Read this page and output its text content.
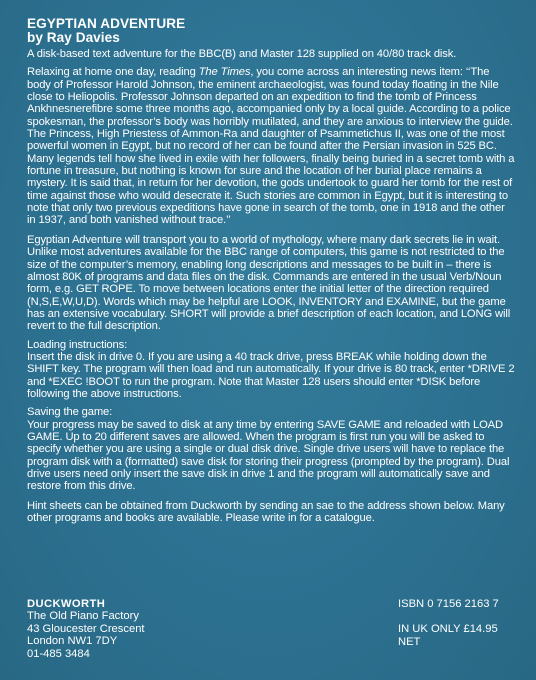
EGYPTIAN ADVENTURE
by Ray Davies

A disk-based text adventure for the BBC(B) and Master 128 supplied on 40/80 track disk.

Relaxing at home one day, reading The Times, you come across an interesting news item: ‘‘The body of Professor Harold Johnson, the eminent archaeologist, was found today floating in the Nile close to Heliopolis. Professor Johnson departed on an expedition to find the tomb of Princess Ankhnesnerefibre some three months ago, accompanied only by a local guide. According to a police spokesman, the professor’s body was horribly mutilated, and they are anxious to interview the guide. The Princess, High Priestess of Ammon-Ra and daughter of Psammetichus II, was one of the most powerful women in Egypt, but no record of her can be found after the Persian invasion in 525 BC. Many legends tell how she lived in exile with her followers, finally being buried in a secret tomb with a fortune in treasure, but nothing is known for sure and the location of her burial place remains a mystery. It is said that, in return for her devotion, the gods undertook to guard her tomb for the rest of time against those who would desecrate it. Such stories are common in Egypt, but it is interesting to note that only two previous expeditions have gone in search of the tomb, one in 1918 and the other in 1937, and both vanished without trace.’’

Egyptian Adventure will transport you to a world of mythology, where many dark secrets lie in wait. Unlike most adventures available for the BBC range of computers, this game is not restricted to the size of the computer’s memory, enabling long descriptions and messages to be built in – there is almost 80K of programs and data files on the disk. Commands are entered in the usual Verb/Noun form, e.g. GET ROPE. To move between locations enter the initial letter of the direction required (N,S,E,W,U,D). Words which may be helpful are LOOK, INVENTORY and EXAMINE, but the game has an extensive vocabulary. SHORT will provide a brief description of each location, and LONG will revert to the full description.

Loading instructions:

Insert the disk in drive 0. If you are using a 40 track drive, press BREAK while holding down the SHIFT key. The program will then load and run automatically. If your drive is 80 track, enter *DRIVE 2 and *EXEC !BOOT to run the program. Note that Master 128 users should enter *DISK before following the above instructions.

Saving the game:

Your progress may be saved to disk at any time by entering SAVE GAME and reloaded with LOAD GAME. Up to 20 different saves are allowed. When the program is first run you will be asked to specify whether you are using a single or dual disk drive. Single drive users will have to replace the program disk with a (formatted) save disk for storing their progress (prompted by the program). Dual drive users need only insert the save disk in drive 1 and the program will automatically save and restore from this drive.

Hint sheets can be obtained from Duckworth by sending an sae to the address shown below. Many other programs and books are available. Please write in for a catalogue.

DUCKWORTH
The Old Piano Factory
43 Gloucester Crescent
London NW1 7DY
01-485 3484
ISBN 0 7156 2163 7
IN UK ONLY £14.95 NET
